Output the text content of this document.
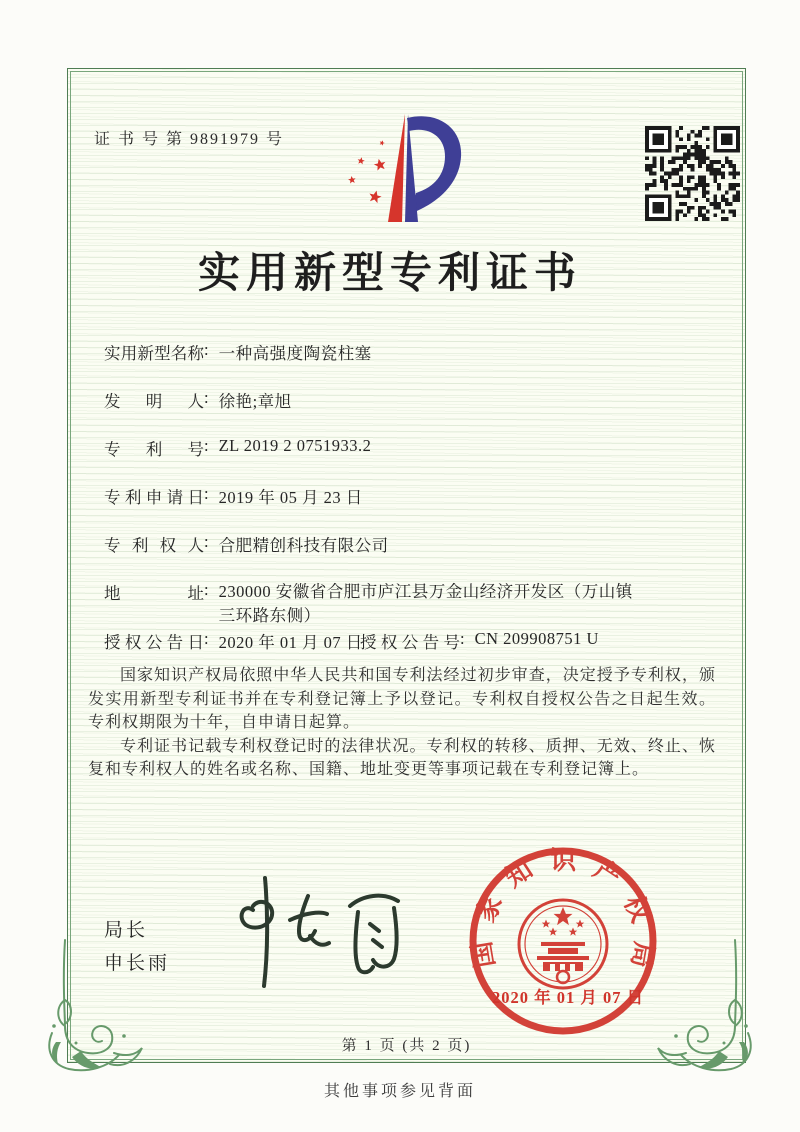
证 书 号 第 9891979 号
实用新型专利证书
实用新型名称: 一种高强度陶瓷柱塞
发明人: 徐艳;章旭
专利号: ZL 2019 2 0751933.2
专利申请日: 2019 年 05 月 23 日
专利权人: 合肥精创科技有限公司
地址: 230000 安徽省合肥市庐江县万金山经济开发区（万山镇
三环路东侧）
授权公告日: 2020 年 01 月 07 日
授权公告号: CN 209908751 U

国家知识产权局依照中华人民共和国专利法经过初步审查，决定授予专利权，颁发实用新型专利证书并在专利登记簿上予以登记。专利权自授权公告之日起生效。专利权期限为十年，自申请日起算。

专利证书记载专利权登记时的法律状况。专利权的转移、质押、无效、终止、恢复和专利权人的姓名或名称、国籍、地址变更等事项记载在专利登记簿上。

局长
申长雨	国家知识产权局
2020 年 01 月 07 日
第 1 页 (共 2 页)
其他事项参见背面
